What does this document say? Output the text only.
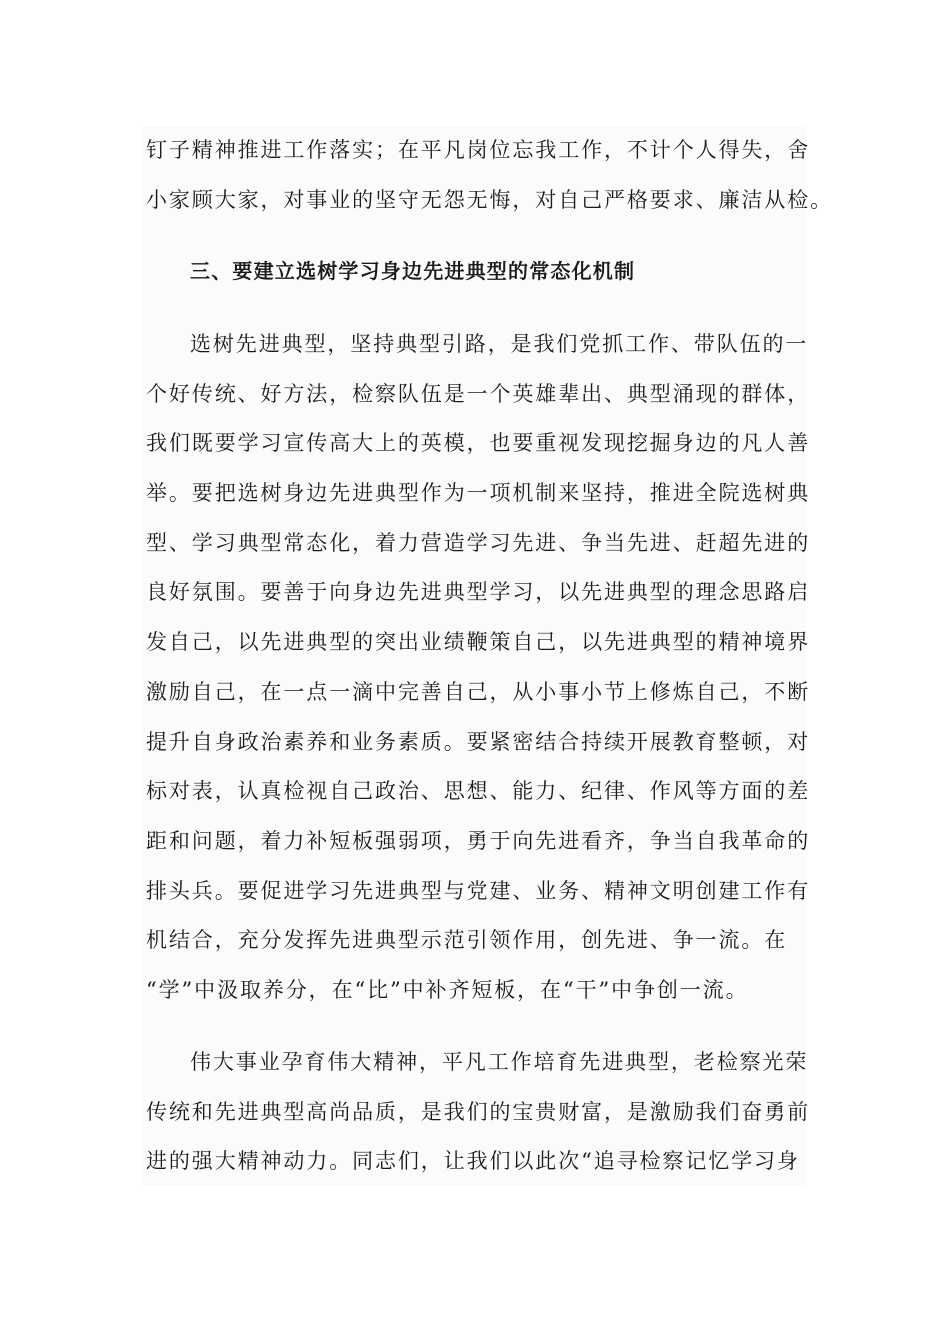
钉子精神推进工作落实；在平凡岗位忘我工作，不计个人得失，舍
小家顾大家，对事业的坚守无怨无悔，对自己严格要求、廉洁从检。
三、要建立选树学习身边先进典型的常态化机制
选树先进典型，坚持典型引路，是我们党抓工作、带队伍的一
个好传统、好方法，检察队伍是一个英雄辈出、典型涌现的群体，
我们既要学习宣传高大上的英模，也要重视发现挖掘身边的凡人善
举。要把选树身边先进典型作为一项机制来坚持，推进全院选树典
型、学习典型常态化，着力营造学习先进、争当先进、赶超先进的
良好氛围。要善于向身边先进典型学习，以先进典型的理念思路启
发自己，以先进典型的突出业绩鞭策自己，以先进典型的精神境界
激励自己，在一点一滴中完善自己，从小事小节上修炼自己，不断
提升自身政治素养和业务素质。要紧密结合持续开展教育整顿，对
标对表，认真检视自己政治、思想、能力、纪律、作风等方面的差
距和问题，着力补短板强弱项，勇于向先进看齐，争当自我革命的
排头兵。要促进学习先进典型与党建、业务、精神文明创建工作有
机结合，充分发挥先进典型示范引领作用，创先进、争一流。在
“学”中汲取养分，在“比”中补齐短板，在“干”中争创一流。
伟大事业孕育伟大精神，平凡工作培育先进典型，老检察光荣
传统和先进典型高尚品质，是我们的宝贵财富，是激励我们奋勇前
进的强大精神动力。同志们，让我们以此次“追寻检察记忆学习身
